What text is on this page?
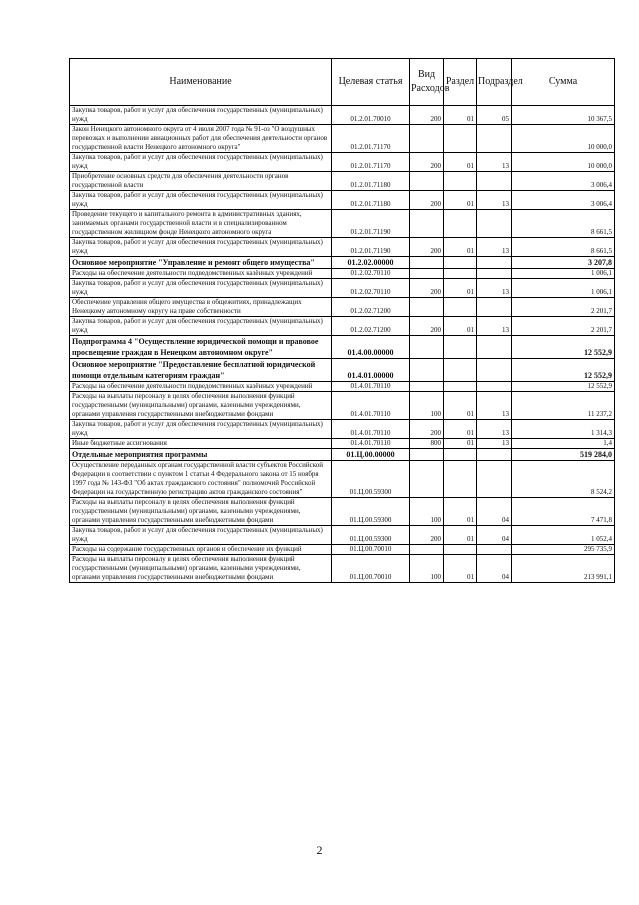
Наименование	Целевая статья	Вид Расходов	Раздел	Подраздел	Сумма
Закупка товаров, работ и услуг для обеспечения государственных (муниципальных) нужд	01.2.01.70010	200	01	05	10 367,5
Закон Ненецкого автономного округа от 4 июля 2007 года № 91-оз "О воздушных перевозках и выполнении авиационных работ для обеспечения деятельности органов государственной власти Ненецкого автономного округа"	01.2.01.71170				10 000,0
Закупка товаров, работ и услуг для обеспечения государственных (муниципальных) нужд	01.2.01.71170	200	01	13	10 000,0
Приобретение основных средств для обеспечения деятельности органов государственной власти	01.2.01.71180				3 006,4
Закупка товаров, работ и услуг для обеспечения государственных (муниципальных) нужд	01.2.01.71180	200	01	13	3 006,4
Проведение текущего и капитального ремонта в административных зданиях, занимаемых органами государственной власти и в специализированном государственном жилищном фонде Ненецкого автономного округа	01.2.01.71190				8 661,5
Закупка товаров, работ и услуг для обеспечения государственных (муниципальных) нужд	01.2.01.71190	200	01	13	8 661,5
Основное мероприятие "Управление и ремонт общего имущества"	01.2.02.00000				3 207,8
Расходы на обеспечение деятельности подведомственных казённых учреждений	01.2.02.70110				1 006,1
Закупка товаров, работ и услуг для обеспечения государственных (муниципальных) нужд	01.2.02.70110	200	01	13	1 006,1
Обеспечение управления общего имущества в общежитиях, принадлежащих Ненецкому автономному округу на праве собственности	01.2.02.71200				2 201,7
Закупка товаров, работ и услуг для обеспечения государственных (муниципальных) нужд	01.2.02.71200	200	01	13	2 201,7
Подпрограмма 4 "Осуществление юридической помощи и правовое просвещение граждан в Ненецком автономном округе"	01.4.00.00000				12 552,9
Основное мероприятие "Предоставление бесплатной юридической помощи отдельным категориям граждан"	01.4.01.00000				12 552,9
Расходы на обеспечение деятельности подведомственных казённых учреждений	01.4.01.70110				12 552,9
Расходы на выплаты персоналу в целях обеспечения выполнения функций государственными (муниципальными) органами, казенными учреждениями, органами управления государственными внебюджетными фондами	01.4.01.70110	100	01	13	11 237,2
Закупка товаров, работ и услуг для обеспечения государственных (муниципальных) нужд	01.4.01.70110	200	01	13	1 314,3
Иные бюджетные ассигнования	01.4.01.70110	800	01	13	1,4
Отдельные мероприятия программы	01.Ц.00.00000				519 284,0
Осуществление переданных органам государственной власти субъектов Российской Федерации в соответствии с пунктом 1 статьи 4 Федерального закона от 15 ноября 1997 года № 143-ФЗ "Об актах гражданского состояния" полномочий Российской Федерации на государственную регистрацию актов гражданского состояния"	01.Ц.00.59300				8 524,2
Расходы на выплаты персоналу в целях обеспечения выполнения функций государственными (муниципальными) органами, казенными учреждениями, органами управления государственными внебюджетными фондами	01.Ц.00.59300	100	01	04	7 471,8
Закупка товаров, работ и услуг для обеспечения государственных (муниципальных) нужд	01.Ц.00.59300	200	01	04	1 052,4
Расходы на содержание государственных органов и обеспечение их функций	01.Ц.00.70010				295 735,9
Расходы на выплаты персоналу в целях обеспечения выполнения функций государственными (муниципальными) органами, казенными учреждениями, органами управления государственными внебюджетными фондами	01.Ц.00.70010	100	01	04	213 991,1
2
